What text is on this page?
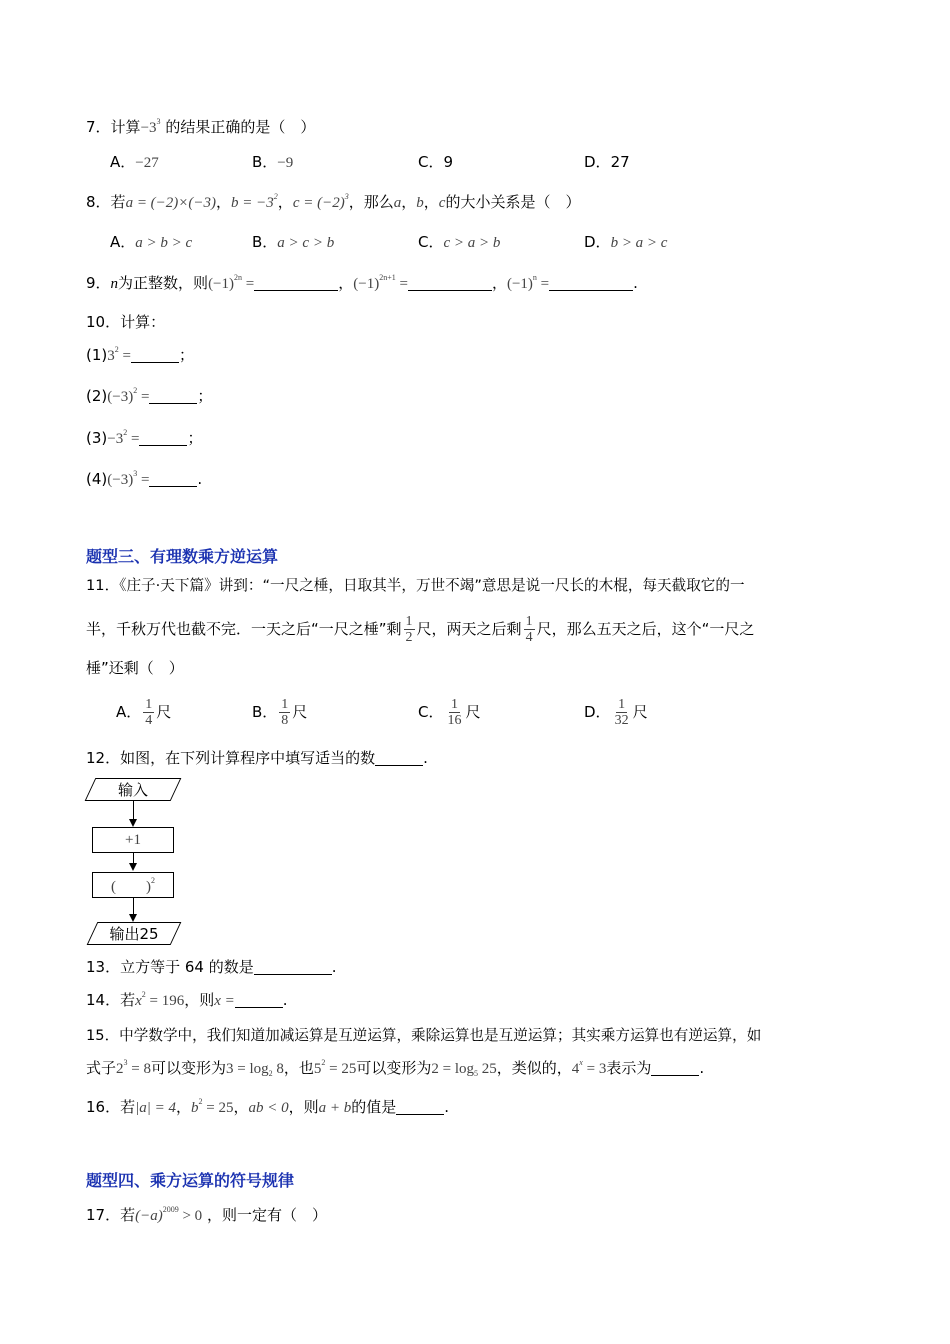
7．计算$-3^3$ 的结果正确的是（　）
A．−27	B．−9	C．9	D．27
8．若a = (−2)×(−3)，$b = -3^2$，$c = (-2)^3$，那么a，b，c的大小关系是（　）
A．a > b > c	B．a > c > b	C．c > a > b	D．b > a > c
9．n为正整数，则$(-1)^{2n}$ =	，$(-1)^{2n+1}$ =	，$(-1)^n$ =	.
10．计算：
$(1)3^2$ =	；
$(2)(-3)^2$ =	；
$(3)-3^2$ =	；
$(4)(-3)^3$ =	.
题型三、有理数乘方逆运算
11．《庄子·天下篇》讲到：“一尺之棰，日取其半，万世不竭”意思是说一尺长的木棍，每天截取它的一
半，千秋万代也截不完．一天之后“一尺之棰”剩 $\frac{1}{2}$ 尺，两天之后剩 $\frac{1}{4}$ 尺，那么五天之后，这个“一尺之
棰”还剩（　）
A． $\frac{1}{4}$ 尺	B． $\frac{1}{8}$ 尺	C． $\frac{1}{16}$ 尺	D． $\frac{1}{32}$ 尺
12．如图，在下列计算程序中填写适当的数	.
输入
+1
(　　)$^2$
输出25
13．立方等于 64 的数是	.
14．若$x^2 = 196$，则x =	.
15．中学数学中，我们知道加减运算是互逆运算，乘除运算也是互逆运算；其实乘方运算也有逆运算，如
式子$2^3 = 8$可以变形为$3 = \log_2 8$，也$5^2 = 25$可以变形为$2 = \log_5 25$，类似的，$4^x = 3$表示为	.
16．若|a| = 4，$b^2 = 25$，ab < 0，则a + b的值是	.
题型四、乘方运算的符号规律
17．若$(-a)^{2009} > 0$ ，则一定有（　）
